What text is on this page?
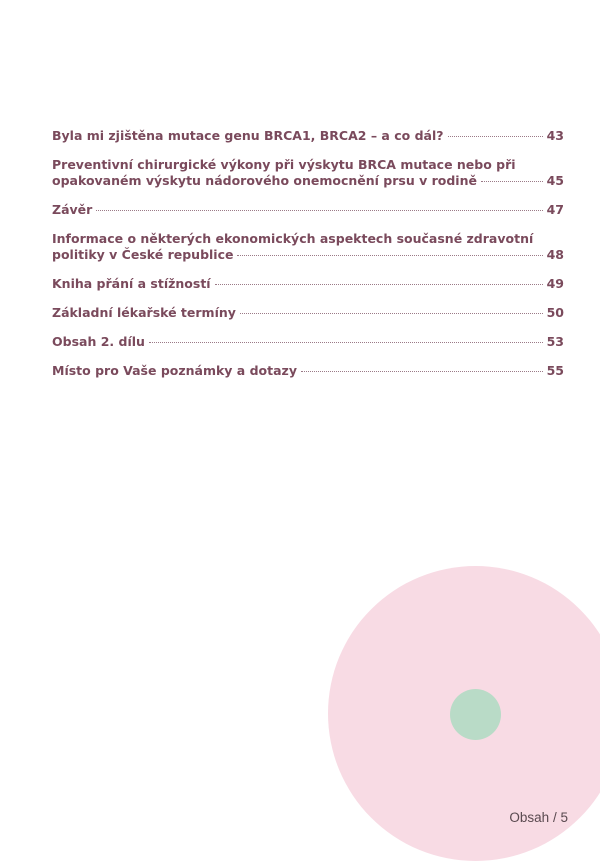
Byla mi zjištěna mutace genu BRCA1, BRCA2 – a co dál?	43
Preventivní chirurgické výkony při výskytu BRCA mutace nebo při
opakovaném výskytu nádorového onemocnění prsu v rodině	45
Závěr	47
Informace o některých ekonomických aspektech současné zdravotní
politiky v České republice	48
Kniha přání a stížností	49
Základní lékařské termíny	50
Obsah 2. dílu	53
Místo pro Vaše poznámky a dotazy	55
Obsah / 5
